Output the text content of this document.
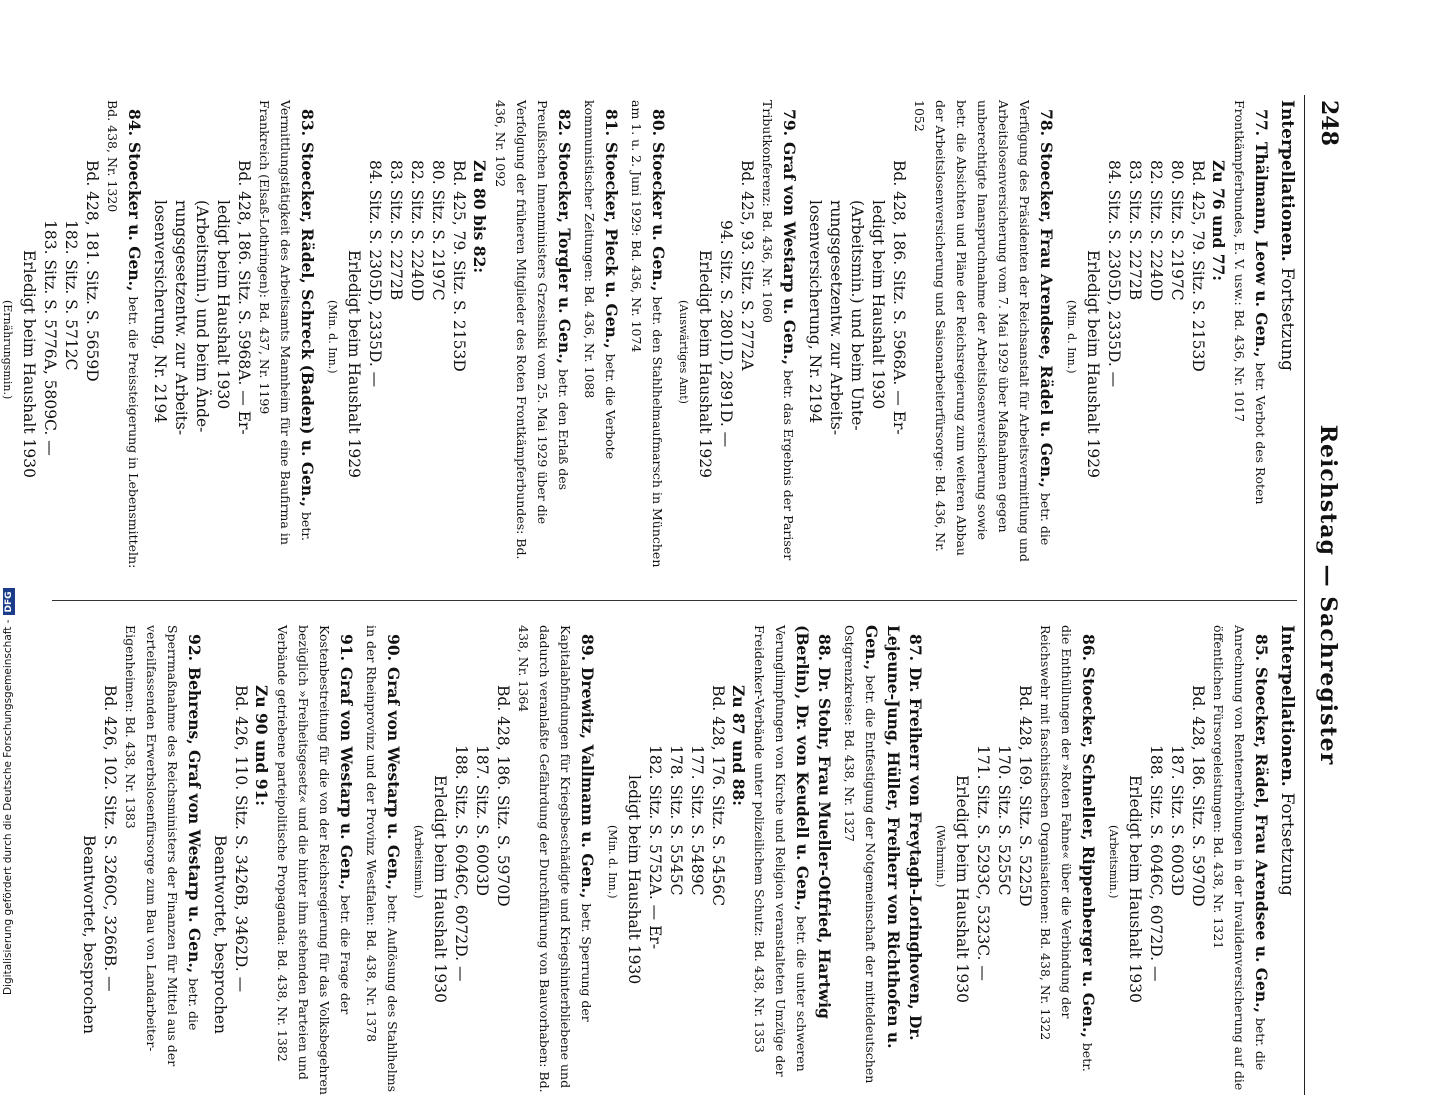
248
Reichstag — Sachregister
Interpellationen. Fortsetzung
77.Thälmann, Leow u. Gen., betr. Verbot des Roten Frontkämpferbundes, E. V. usw.: Bd. 436, Nr. 1017
Zu 76 und 77:
Bd. 425, 79. Sitz. S. 2153D
80. Sitz. S. 2197C
82. Sitz. S. 2240D
83. Sitz. S. 2272B
84. Sitz. S. 2305D, 2335D. —
Erledigt beim Haushalt 1929
(Min. d. Inn.)
78.Stoecker, Frau Arendsee, Rädel u. Gen., betr. die Verfügung des Präsidenten der Reichsanstalt für Arbeitsvermittlung und Arbeitslosenversicherung vom 7. Mai 1929 über Maßnahmen gegen unberechtigte Inanspruchnahme der Arbeitslosenversicherung sowie betr. die Absichten und Pläne der Reichsregierung zum weiteren Abbau der Arbeitslosenversicherung und Saisonarbeiterfürsorge: Bd. 436, Nr. 1052
Bd. 428, 186. Sitz. S. 5968A. — Er-
ledigt beim Haushalt 1930
(Arbeitsmin.) und beim Unte-
rungsgesetzentw. zur Arbeits-
losenversicherung, Nr. 2194
79.Graf von Westarp u. Gen., betr. das Ergebnis der Pariser Tributkonferenz: Bd. 436, Nr. 1060
Bd. 425, 93. Sitz. S. 2772A
94. Sitz. S. 2801D, 2891D. —
Erledigt beim Haushalt 1929
(Auswärtiges Amt)
80.Stoecker u. Gen., betr. den Stahlhelmaufmarsch in München am 1. u. 2. Juni 1929: Bd. 436, Nr. 1074
81.Stoecker, Pieck u. Gen., betr. die Verbote kommunistischer Zeitungen: Bd. 436, Nr. 1088
82.Stoecker, Torgler u. Gen., betr. den Erlaß des Preußischen Innenministers Grzesinski vom 25. Mai 1929 über die Verfolgung der früheren Mitglieder des Roten Frontkämpferbundes: Bd. 436, Nr. 1092
Zu 80 bis 82:
Bd. 425, 79. Sitz. S. 2153D
80. Sitz. S. 2197C
82. Sitz. S. 2240D
83. Sitz. S. 2272B
84. Sitz. S. 2305D, 2335D. —
Erledigt beim Haushalt 1929
(Min. d. Inn.)
83.Stoecker, Rädel, Schreck (Baden) u. Gen., betr. Vermittlungstätigkeit des Arbeitsamts Mannheim für eine Baufirma in Frankreich (Elsaß-Lothringen): Bd. 437, Nr. 1199
Bd. 428, 186. Sitz. S. 5968A. — Er-
ledigt beim Haushalt 1930
(Arbeitsmin.) und beim Ände-
rungsgesetzentw. zur Arbeits-
losenversicherung, Nr. 2194
84.Stoecker u. Gen., betr. die Preissteigerung in Lebensmitteln: Bd. 438, Nr. 1320
Bd. 428, 181. Sitz. S. 5659D
182. Sitz. S. 5712C
183. Sitz. S. 5776A, 5809C. —
Erledigt beim Haushalt 1930
(Ernährungsmin.)
Interpellationen. Fortsetzung
85.Stoecker, Rädel, Frau Arendsee u. Gen., betr. die Anrechnung von Rentenerhöhungen in der Invalidenversicherung auf die öffentlichen Fürsorgeleistungen: Bd. 438, Nr. 1321
Bd. 428, 186. Sitz. S. 5970D
187. Sitz. S. 6003D
188. Sitz. S. 6046C, 6072D. —
Erledigt beim Haushalt 1930
(Arbeitsmin.)
86.Stoecker, Schneller, Rippenberger u. Gen., betr. die Enthüllungen der »Roten Fahne« über die Verbindung der Reichswehr mit faschistischen Organisationen: Bd. 438, Nr. 1322
Bd. 428, 169. Sitz. S. 5225D
170. Sitz. S. 5255C
171. Sitz. S. 5293C, 5323C. —
Erledigt beim Haushalt 1930
(Wehrmin.)
87.Dr. Freiherr von Freytagh-Loringhoven, Dr. Lejeune-Jung, Hüller, Freiherr von Richthofen u. Gen., betr. die Entfestigung der Notgemeinschaft der mitteldeutschen Ostgrenzkreise: Bd. 438, Nr. 1327
88.Dr. Stohr, Frau Mueller-Otfried, Hartwig (Berlin), Dr. von Keudell u. Gen., betr. die unter schweren Verunglimpfungen von Kirche und Religion veranstalteten Umzüge der Freidenker-Verbände unter polizeilichem Schutz: Bd. 438, Nr. 1353
Zu 87 und 88:
Bd. 428, 176. Sitz. S. 5456C
177. Sitz. S. 5489C
178. Sitz. S. 5545C
182. Sitz. S. 5752A. — Er-
ledigt beim Haushalt 1930
(Min. d. Inn.)
89.Drewitz, Vallmann u. Gen., betr. Sperrung der Kapitalabfindungen für Kriegsbeschädigte und Kriegshinterbliebene und dadurch veranlaßte Gefährdung der Durchführung von Bauvorhaben: Bd. 438, Nr. 1364
Bd. 428, 186. Sitz. S. 5970D
187. Sitz. S. 6003D
188. Sitz. S. 6046C, 6072D. —
Erledigt beim Haushalt 1930
(Arbeitsmin.)
90.Graf von Westarp u. Gen., betr. Auflösung des Stahlhelms in der Rheinprovinz und der Provinz Westfalen: Bd. 438, Nr. 1378
91.Graf von Westarp u. Gen., betr. die Frage der Kostenbestreitung für die von der Reichsregierung für das Volksbegehren bezüglich »Freiheitsgesetz« und die hinter ihm stehenden Parteien und Verbände getriebene parteipolitische Propaganda: Bd. 438, Nr. 1382
Zu 90 und 91:
Bd. 426, 110. Sitz. S. 3426B, 3462D. —
Beantwortet, besprochen
92.Behrens, Graf von Westarp u. Gen., betr. die Sperrmaßnahme des Reichsministers der Finanzen für Mittel aus der verteilfassenden Erwerbslosenfürsorge zum Bau von Landarbeiter-Eigenheimen: Bd. 438, Nr. 1383
Bd. 426, 102. Sitz. S. 3260C, 3266B. —
Beantwortet, besprochen
Digitalisierung gefördert durch die Deutsche Forschungsgemeinschaft -DFG
